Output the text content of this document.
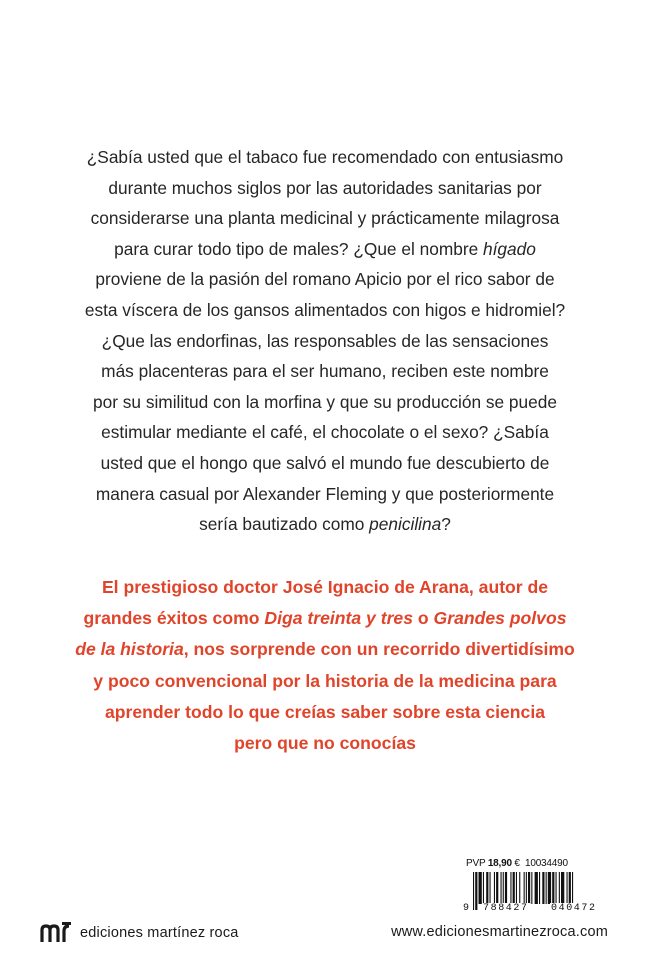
¿Sabía usted que el tabaco fue recomendado con entusiasmo
durante muchos siglos por las autoridades sanitarias por
considerarse una planta medicinal y prácticamente milagrosa
para curar todo tipo de males? ¿Que el nombre hígado
proviene de la pasión del romano Apicio por el rico sabor de
esta víscera de los gansos alimentados con higos e hidromiel?
¿Que las endorfinas, las responsables de las sensaciones
más placenteras para el ser humano, reciben este nombre
por su similitud con la morfina y que su producción se puede
estimular mediante el café, el chocolate o el sexo? ¿Sabía
usted que el hongo que salvó el mundo fue descubierto de
manera casual por Alexander Fleming y que posteriormente
sería bautizado como penicilina?
El prestigioso doctor José Ignacio de Arana, autor de
grandes éxitos como Diga treinta y tres o Grandes polvos
de la historia, nos sorprende con un recorrido divertidísimo
y poco convencional por la historia de la medicina para
aprender todo lo que creías saber sobre esta ciencia
pero que no conocías
PVP 18,90 € 10034490
9 788427 040472
ediciones martínez roca	www.edicionesmartinezroca.com
